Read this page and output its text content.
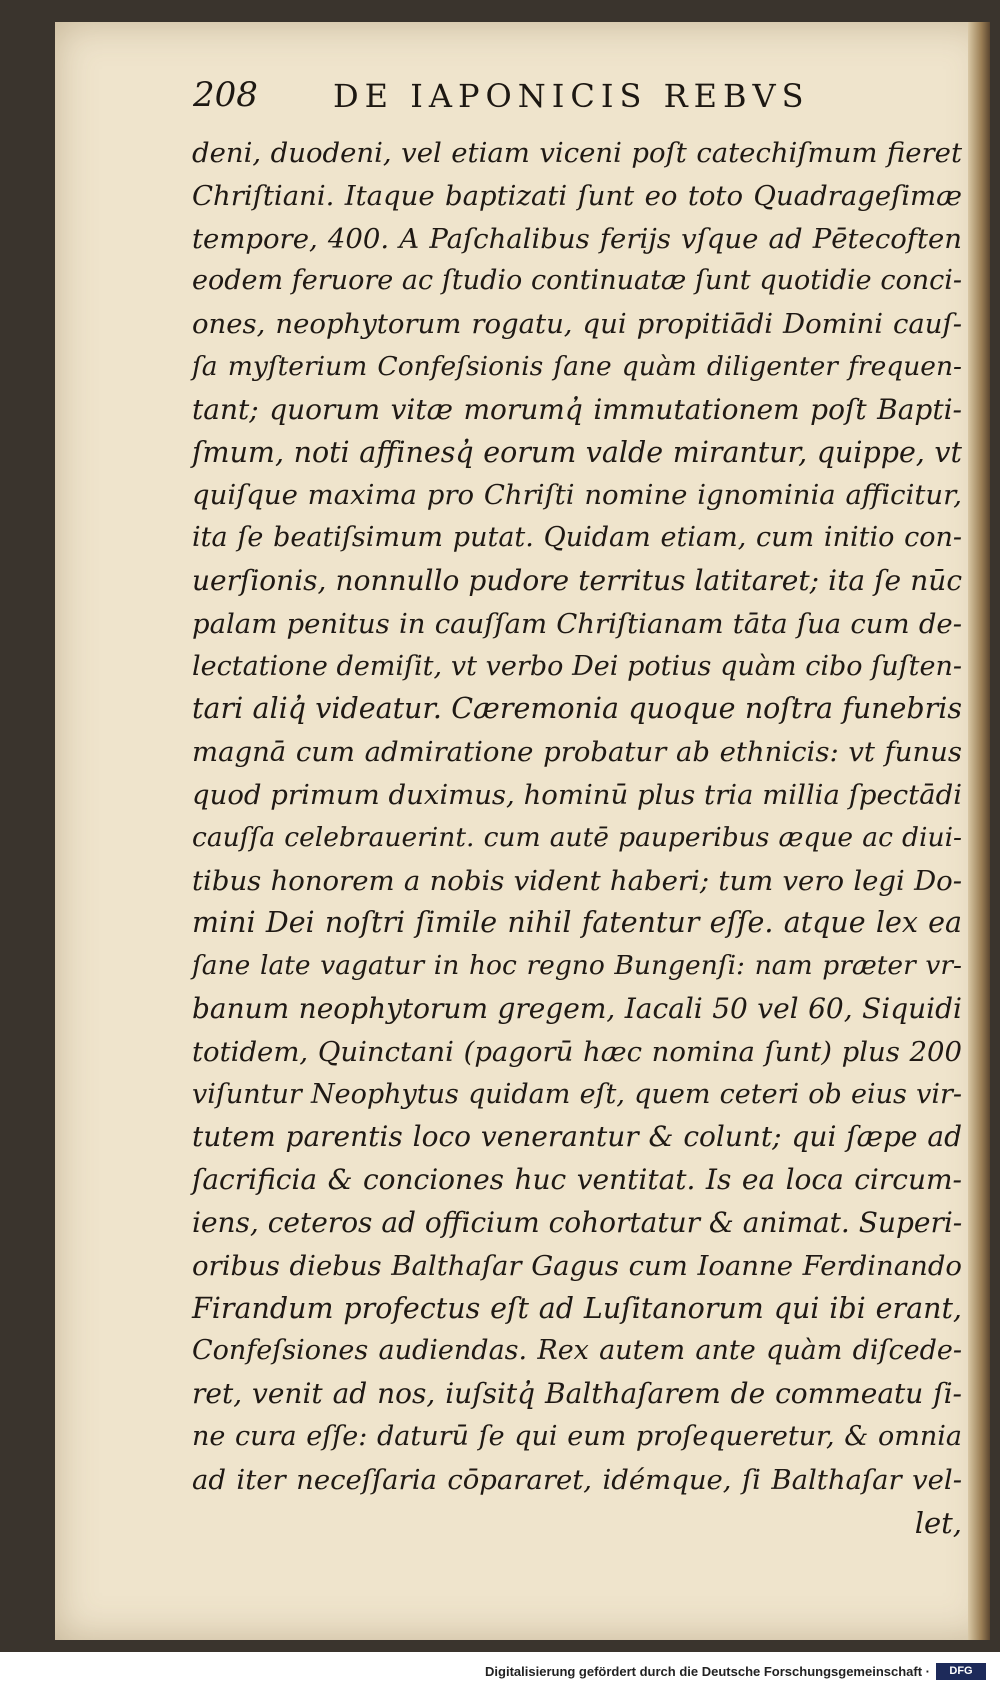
208 DE IAPONICIS REBVS
deni, duodeni, vel etiam viceni poſt catechiſmum fieret
Chriſtiani. Itaque baptizati ſunt eo toto Quadrageſimæ
tempore, 400. A Paſchalibus ferijs vſque ad Pētecoften
eodem feruore ac ſtudio continuatæ ſunt quotidie conci-
ones, neophytorum rogatu, qui propitiādi Domini cauſ-
ſa myſterium Confeſsionis ſane quàm diligenter frequen-
tant; quorum vitæ morumq̓ immutationem poſt Bapti-
ſmum, noti affinesq̓ eorum valde mirantur, quippe, vt
quiſque maxima pro Chriſti nomine ignominia afficitur,
ita ſe beatiſsimum putat. Quidam etiam, cum initio con-
uerſionis, nonnullo pudore territus latitaret; ita ſe nūc
palam penitus in cauſſam Chriſtianam tāta ſua cum de-
lectatione demiſit, vt verbo Dei potius quàm cibo ſuſten-
tari aliq̓ videatur. Cæremonia quoque noſtra funebris
magnā cum admiratione probatur ab ethnicis: vt funus
quod primum duximus, hominū plus tria millia ſpectādi
cauſſa celebrauerint. cum autē pauperibus æque ac diui-
tibus honorem a nobis vident haberi; tum vero legi Do-
mini Dei noſtri ſimile nihil fatentur eſſe. atque lex ea
ſane late vagatur in hoc regno Bungenſi: nam præter vr-
banum neophytorum gregem, Iacali 50 vel 60, Siquidi
totidem, Quinctani (pagorū hæc nomina ſunt) plus 200
viſuntur Neophytus quidam eſt, quem ceteri ob eius vir-
tutem parentis loco venerantur & colunt; qui ſæpe ad
ſacrificia & conciones huc ventitat. Is ea loca circum-
iens, ceteros ad officium cohortatur & animat. Superi-
oribus diebus Balthaſar Gagus cum Ioanne Ferdinando
Firandum profectus eſt ad Luſitanorum qui ibi erant,
Confeſsiones audiendas. Rex autem ante quàm diſcede-
ret, venit ad nos, iuſsitq̓ Balthaſarem de commeatu ſi-
ne cura eſſe: daturū ſe qui eum proſequeretur, & omnia
ad iter neceſſaria cōpararet, idémque, ſi Balthaſar vel-
let,
Digitalisierung gefördert durch die Deutsche Forschungsgemeinschaft ·	DFG
